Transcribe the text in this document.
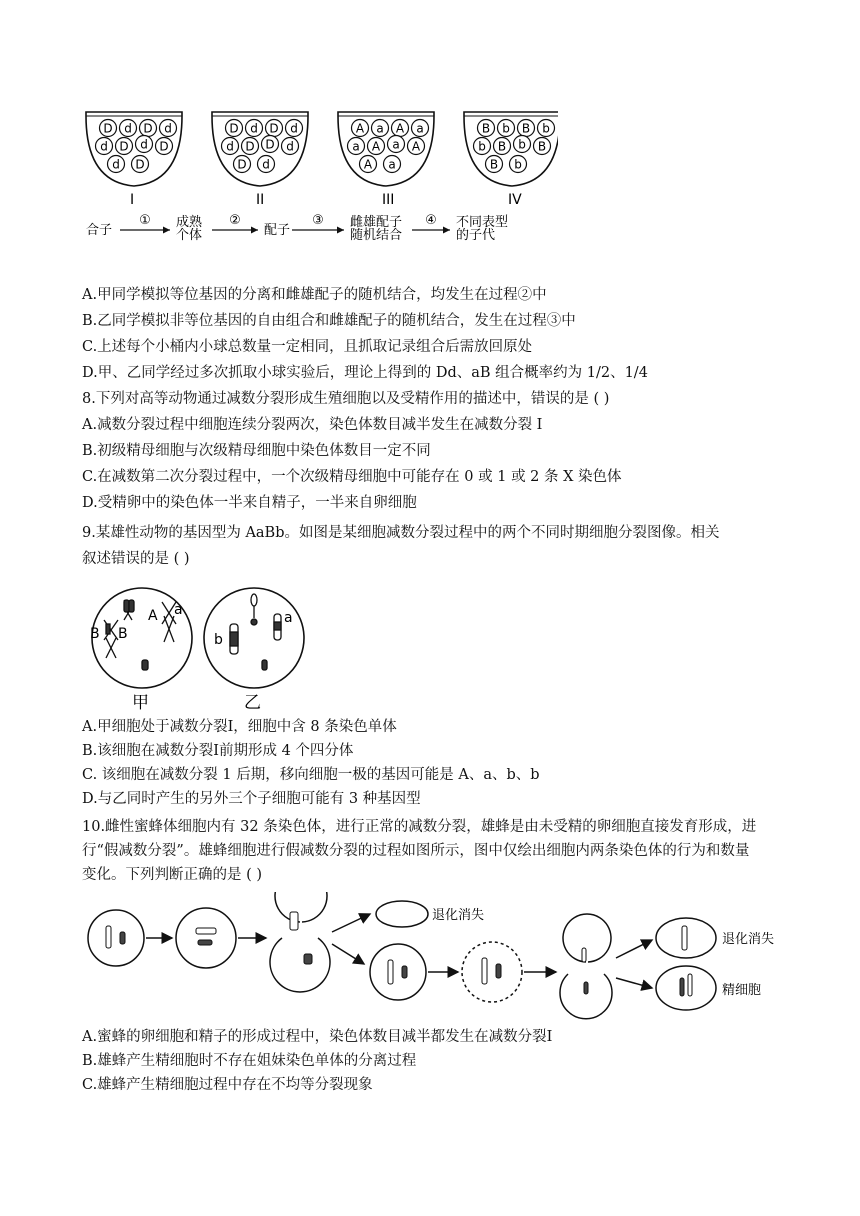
D d D d
d D d D
d D
I
D d D d
d D D d
D d
II
A a A a
a A a A
A a
III
B b B b
b B b B
B b
IV
合子
成熟
个体	配子
雌雄配子
随机结合
不同表型
的子代
①	②	③	④
A.甲同学模拟等位基因的分离和雌雄配子的随机结合，均发生在过程②中
B.乙同学模拟非等位基因的自由组合和雌雄配子的随机结合，发生在过程③中
C.上述每个小桶内小球总数量一定相同，且抓取记录组合后需放回原处
D.甲、乙同学经过多次抓取小球实验后，理论上得到的 Dd、aB 组合概率约为 1/2、1/4
8.下列对高等动物通过减数分裂形成生殖细胞以及受精作用的描述中，错误的是 ( )
A.减数分裂过程中细胞连续分裂两次，染色体数目减半发生在减数分裂 I
B.初级精母细胞与次级精母细胞中染色体数目一定不同
C.在减数第二次分裂过程中，一个次级精母细胞中可能存在 0 或 1 或 2 条 X 染色体
D.受精卵中的染色体一半来自精子，一半来自卵细胞
9.某雄性动物的基因型为 AaBb。如图是某细胞减数分裂过程中的两个不同时期细胞分裂图像。相关
叙述错误的是 ( )
B B
A a
甲
b
a
乙
A.甲细胞处于减数分裂Ⅰ，细胞中含 8 条染色单体
B.该细胞在减数分裂Ⅰ前期形成 4 个四分体
C. 该细胞在减数分裂 1 后期，移向细胞一极的基因可能是 A、a、b、b
D.与乙同时产生的另外三个子细胞可能有 3 种基因型
10.雌性蜜蜂体细胞内有 32 条染色体，进行正常的减数分裂，雄蜂是由未受精的卵细胞直接发育形成，进
行“假减数分裂”。雄蜂细胞进行假减数分裂的过程如图所示，图中仅绘出细胞内两条染色体的行为和数量
变化。下列判断正确的是 ( )
退化消失
退化消失
精细胞
A.蜜蜂的卵细胞和精子的形成过程中，染色体数目减半都发生在减数分裂Ⅰ
B.雄蜂产生精细胞时不存在姐妹染色单体的分离过程
C.雄蜂产生精细胞过程中存在不均等分裂现象
